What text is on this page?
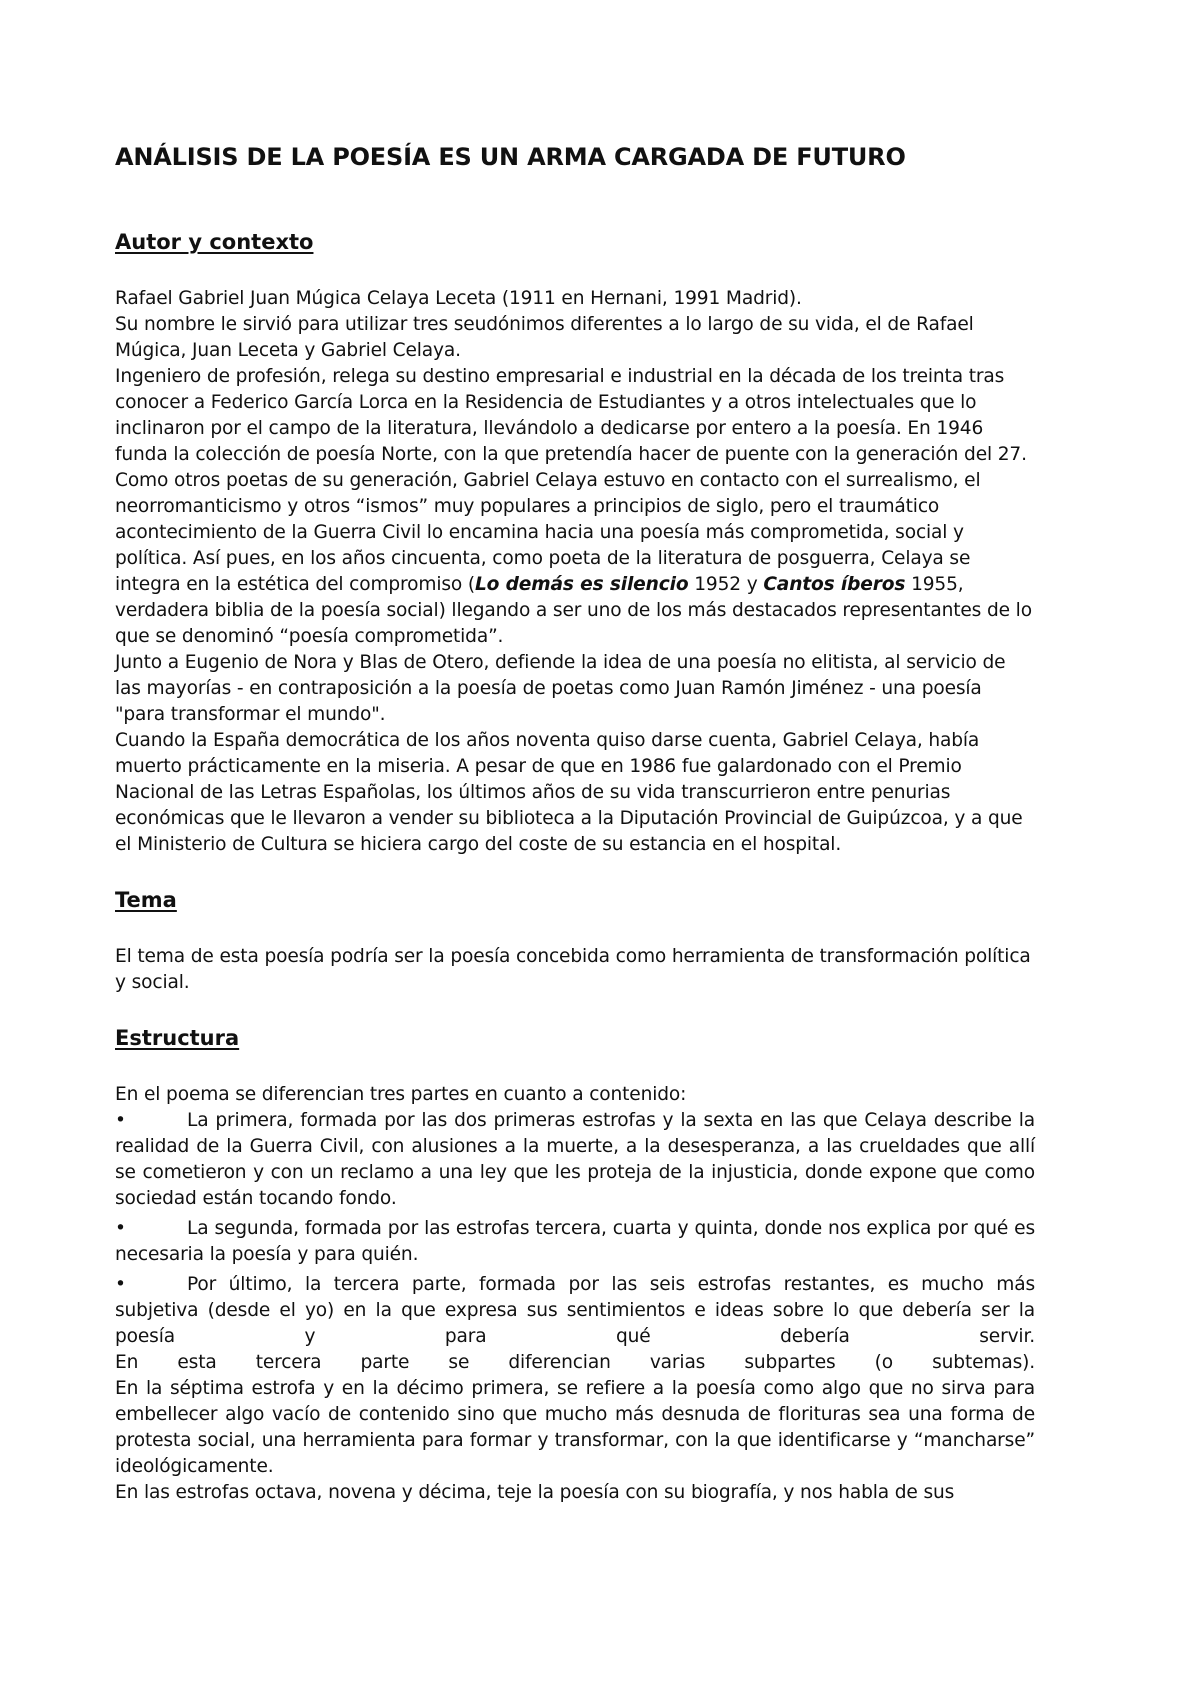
ANÁLISIS DE LA POESÍA ES UN ARMA CARGADA DE FUTURO
Autor y contexto

Rafael Gabriel Juan Múgica Celaya Leceta (1911 en Hernani, 1991 Madrid).

Su nombre le sirvió para utilizar tres seudónimos diferentes a lo largo de su vida, el de Rafael Múgica, Juan Leceta y Gabriel Celaya.

Ingeniero de profesión, relega su destino empresarial e industrial en la década de los treinta tras conocer a Federico García Lorca en la Residencia de Estudiantes y a otros intelectuales que lo inclinaron por el campo de la literatura, llevándolo a dedicarse por entero a la poesía. En 1946 funda la colección de poesía Norte, con la que pretendía hacer de puente con la generación del 27.

Como otros poetas de su generación, Gabriel Celaya estuvo en contacto con el surrealismo, el neorromanticismo y otros “ismos” muy populares a principios de siglo, pero el traumático acontecimiento de la Guerra Civil lo encamina hacia una poesía más comprometida, social y política. Así pues, en los años cincuenta, como poeta de la literatura de posguerra, Celaya se integra en la estética del compromiso (Lo demás es silencio 1952 y Cantos íberos 1955, verdadera biblia de la poesía social) llegando a ser uno de los más destacados representantes de lo que se denominó “poesía comprometida”.

Junto a Eugenio de Nora y Blas de Otero, defiende la idea de una poesía no elitista, al servicio de las mayorías - en contraposición a la poesía de poetas como Juan Ramón Jiménez - una poesía "para transformar el mundo".

Cuando la España democrática de los años noventa quiso darse cuenta, Gabriel Celaya, había muerto prácticamente en la miseria. A pesar de que en 1986 fue galardonado con el Premio Nacional de las Letras Españolas, los últimos años de su vida transcurrieron entre penurias económicas que le llevaron a vender su biblioteca a la Diputación Provincial de Guipúzcoa, y a que el Ministerio de Cultura se hiciera cargo del coste de su estancia en el hospital.

Tema

El tema de esta poesía podría ser la poesía concebida como herramienta de transformación política y social.

Estructura

En el poema se diferencian tres partes en cuanto a contenido:

•	La primera, formada por las dos primeras estrofas y la sexta en las que Celaya describe la realidad de la Guerra Civil, con alusiones a la muerte, a la desesperanza, a las crueldades que allí se cometieron y con un reclamo a una ley que les proteja de la injusticia, donde expone que como sociedad están tocando fondo.

•	La segunda, formada por las estrofas tercera, cuarta y quinta, donde nos explica por qué es necesaria la poesía y para quién.

•	Por último, la tercera parte, formada por las seis estrofas restantes, es mucho más subjetiva (desde el yo) en la que expresa sus sentimientos e ideas sobre lo que debería ser la poesía y para qué debería servir.

En esta tercera parte se diferencian varias subpartes (o subtemas).

En la séptima estrofa y en la décimo primera, se refiere a la poesía como algo que no sirva para embellecer algo vacío de contenido sino que mucho más desnuda de florituras sea una forma de protesta social, una herramienta para formar y transformar, con la que identificarse y “mancharse” ideológicamente.

En las estrofas octava, novena y décima, teje la poesía con su biografía, y nos habla de sus
